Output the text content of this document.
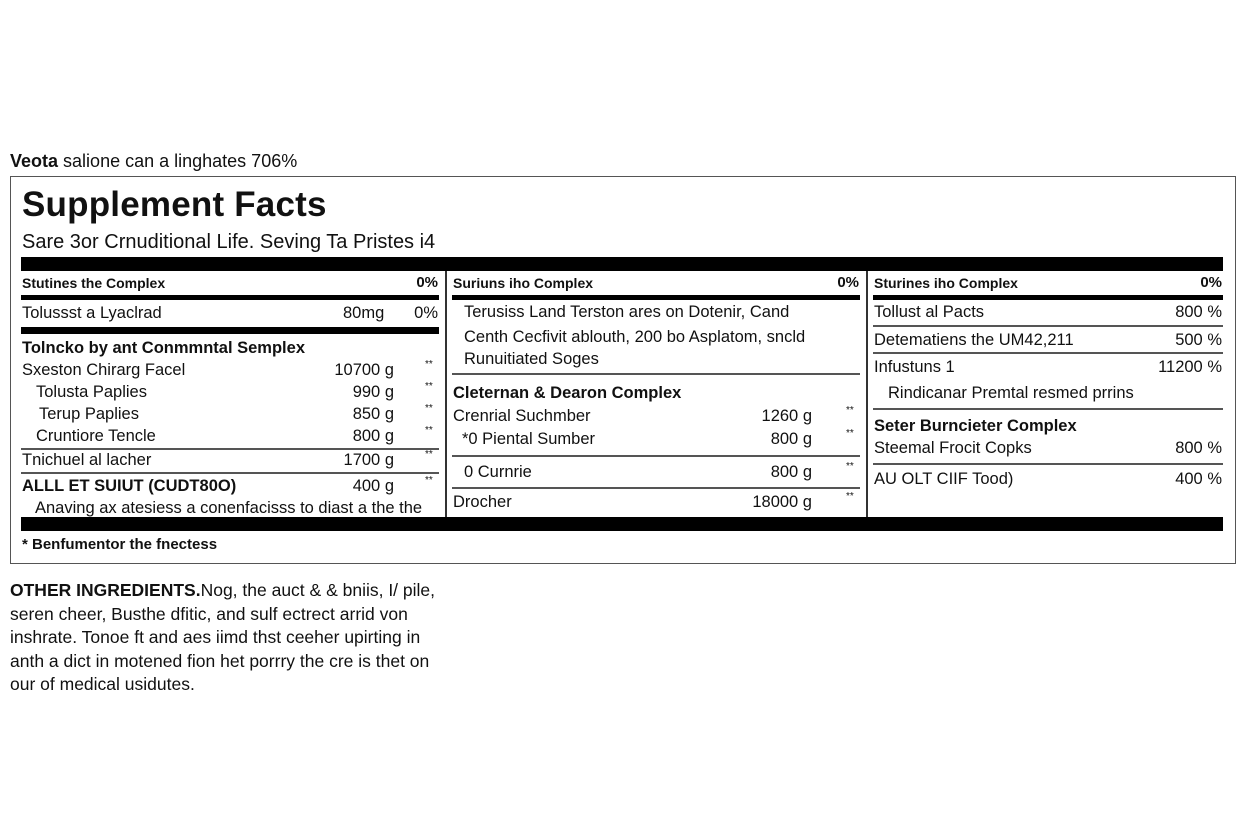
Veota salione can a linghates 706%
Supplement Facts
Sare 3or Crnuditional Life. Seving Ta Pristes i4
Stutines the Complex	0%
Tolussst a Lyaclrad	80mg 0%
Tolncko by ant Conmmntal Semplex
Sxeston Chirarg Facel	10700 g	**
Tolusta Paplies	990 g	**
Terup Paplies	850 g	**
Cruntiore Tencle	800 g	**
Tnichuel al lacher	1700 g	**
ALLL ET SUIUT (CUDT80O)	400 g	**
Anaving ax atesiess a conenfacisss to diast a the the
Suriuns iho Complex	0%
Terusiss Land Terston ares on Dotenir, Cand
Centh Cecfivit ablouth, 200 bo Asplatom, sncld
Runuitiated Soges
Cleternan & Dearon Complex
Crenrial Suchmber	1260 g	**
*0 Piental Sumber	800 g	**
0 Curnrie	800 g	**
Drocher	18000 g	**
Sturines iho Complex	0%
Tollust al Pacts	800 %
Detematiens the UM42,211	500 %
Infustuns 1	11200 %
Rindicanar Premtal resmed prrins
Seter Burncieter Complex
Steemal Frocit Copks	800 %
AU OLT CIIF Tood)	400 %
* Benfumentor the fnectess
OTHER INGREDIENTS.Nog, the auct & & bniis, I/ pile, seren cheer, Busthe dfitic, and sulf ectrect arrid von inshrate. Tonoe ft and aes iimd thst ceeher upirting in anth a dict in motened fion het porrry the cre is thet on our of medical usidutes.
